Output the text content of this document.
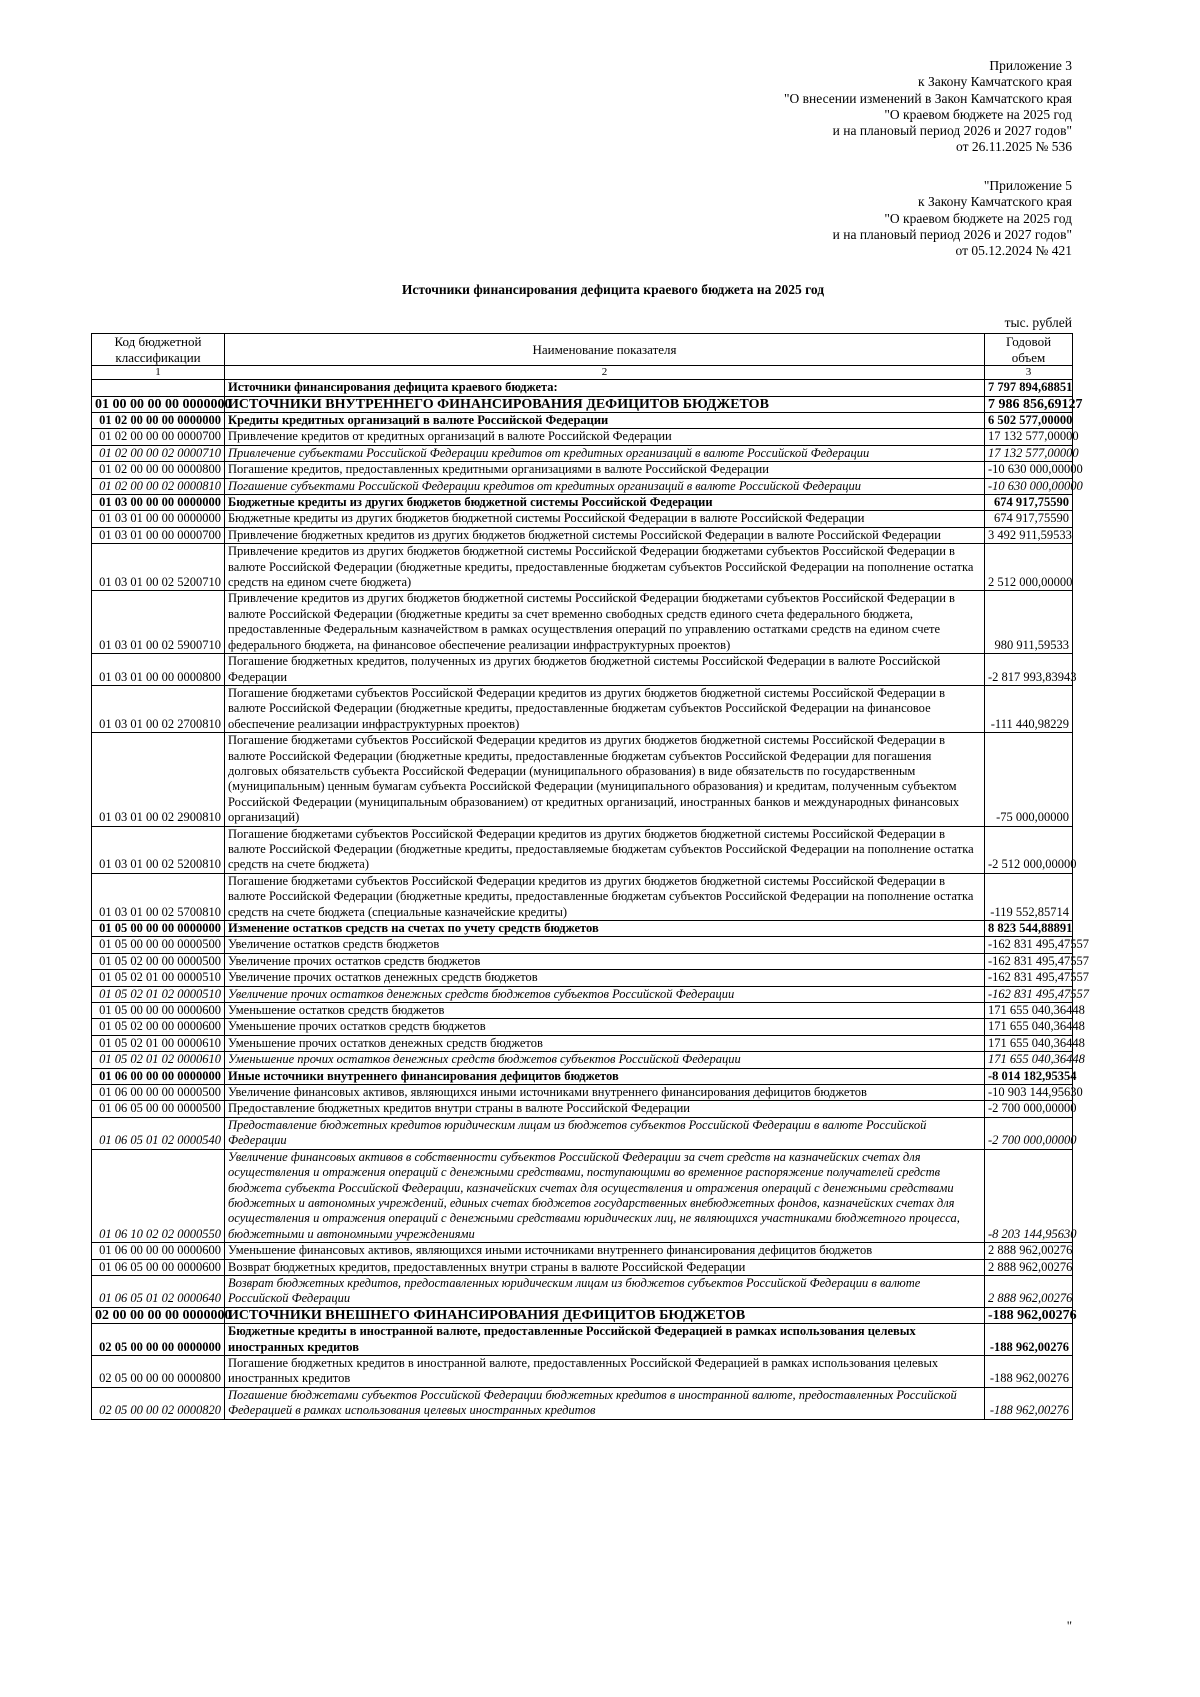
Приложение 3
к Закону Камчатского края
"О внесении изменений в Закон Камчатского края
"О краевом бюджете на 2025 год
и на плановый период 2026 и 2027 годов"
от 26.11.2025 № 536
"Приложение 5
к Закону Камчатского края
"О краевом бюджете на 2025 год
и на плановый период 2026 и 2027 годов"
от 05.12.2024 № 421
Источники финансирования дефицита краевого бюджета на 2025 год
тыс. рублей
Код бюджетной классификации	Наименование показателя	Годовой объем
1	2	3
	Источники финансирования дефицита краевого бюджета:	7 797 894,68851
01 00 00 00 00 0000000	ИСТОЧНИКИ ВНУТРЕННЕГО ФИНАНСИРОВАНИЯ ДЕФИЦИТОВ БЮДЖЕТОВ	7 986 856,69127
01 02 00 00 00 0000000	Кредиты кредитных организаций в валюте Российской Федерации	6 502 577,00000
01 02 00 00 00 0000700	Привлечение кредитов от кредитных организаций в валюте Российской Федерации	17 132 577,00000
01 02 00 00 02 0000710	Привлечение субъектами Российской Федерации кредитов от кредитных организаций в валюте Российской Федерации	17 132 577,00000
01 02 00 00 00 0000800	Погашение кредитов, предоставленных кредитными организациями в валюте Российской Федерации	-10 630 000,00000
01 02 00 00 02 0000810	Погашение субъектами Российской Федерации кредитов от кредитных организаций в валюте Российской Федерации	-10 630 000,00000
01 03 00 00 00 0000000	Бюджетные кредиты из других бюджетов бюджетной системы Российской Федерации	674 917,75590
01 03 01 00 00 0000000	Бюджетные кредиты из других бюджетов бюджетной системы Российской Федерации в валюте Российской Федерации	674 917,75590
01 03 01 00 00 0000700	Привлечение бюджетных кредитов из других бюджетов бюджетной системы Российской Федерации в валюте Российской Федерации	3 492 911,59533
01 03 01 00 02 5200710	Привлечение кредитов из других бюджетов бюджетной системы Российской Федерации бюджетами субъектов Российской Федерации в валюте Российской Федерации (бюджетные кредиты, предоставленные бюджетам субъектов Российской Федерации на пополнение остатка средств на едином счете бюджета)	2 512 000,00000
01 03 01 00 02 5900710	Привлечение кредитов из других бюджетов бюджетной системы Российской Федерации бюджетами субъектов Российской Федерации в валюте Российской Федерации (бюджетные кредиты за счет временно свободных средств единого счета федерального бюджета, предоставленные Федеральным казначейством в рамках осуществления операций по управлению остатками средств на едином счете федерального бюджета, на финансовое обеспечение реализации инфраструктурных проектов)	980 911,59533
01 03 01 00 00 0000800	Погашение бюджетных кредитов, полученных из других бюджетов бюджетной системы Российской Федерации в валюте Российской Федерации	-2 817 993,83943
01 03 01 00 02 2700810	Погашение бюджетами субъектов Российской Федерации кредитов из других бюджетов бюджетной системы Российской Федерации в валюте Российской Федерации (бюджетные кредиты, предоставленные бюджетам субъектов Российской Федерации на финансовое обеспечение реализации инфраструктурных проектов)	-111 440,98229
01 03 01 00 02 2900810	Погашение бюджетами субъектов Российской Федерации кредитов из других бюджетов бюджетной системы Российской Федерации в валюте Российской Федерации (бюджетные кредиты, предоставленные бюджетам субъектов Российской Федерации для погашения долговых обязательств субъекта Российской Федерации (муниципального образования) в виде обязательств по государственным (муниципальным) ценным бумагам субъекта Российской Федерации (муниципального образования) и кредитам, полученным субъектом Российской Федерации (муниципальным образованием) от кредитных организаций, иностранных банков и международных финансовых организаций)	-75 000,00000
01 03 01 00 02 5200810	Погашение бюджетами субъектов Российской Федерации кредитов из других бюджетов бюджетной системы Российской Федерации в валюте Российской Федерации (бюджетные кредиты, предоставляемые бюджетам субъектов Российской Федерации на пополнение остатка средств на счете бюджета)	-2 512 000,00000
01 03 01 00 02 5700810	Погашение бюджетами субъектов Российской Федерации кредитов из других бюджетов бюджетной системы Российской Федерации в валюте Российской Федерации (бюджетные кредиты, предоставленные бюджетам субъектов Российской Федерации на пополнение остатка средств на счете бюджета (специальные казначейские кредиты)	-119 552,85714
01 05 00 00 00 0000000	Изменение остатков средств на счетах по учету средств бюджетов	8 823 544,88891
01 05 00 00 00 0000500	Увеличение остатков средств бюджетов	-162 831 495,47557
01 05 02 00 00 0000500	Увеличение прочих остатков средств бюджетов	-162 831 495,47557
01 05 02 01 00 0000510	Увеличение прочих остатков денежных средств бюджетов	-162 831 495,47557
01 05 02 01 02 0000510	Увеличение прочих остатков денежных средств бюджетов субъектов Российской Федерации	-162 831 495,47557
01 05 00 00 00 0000600	Уменьшение остатков средств бюджетов	171 655 040,36448
01 05 02 00 00 0000600	Уменьшение прочих остатков средств бюджетов	171 655 040,36448
01 05 02 01 00 0000610	Уменьшение прочих остатков денежных средств бюджетов	171 655 040,36448
01 05 02 01 02 0000610	Уменьшение прочих остатков денежных средств бюджетов субъектов Российской Федерации	171 655 040,36448
01 06 00 00 00 0000000	Иные источники внутреннего финансирования дефицитов бюджетов	-8 014 182,95354
01 06 00 00 00 0000500	Увеличение финансовых активов, являющихся иными источниками внутреннего финансирования дефицитов бюджетов	-10 903 144,95630
01 06 05 00 00 0000500	Предоставление бюджетных кредитов внутри страны в валюте Российской Федерации	-2 700 000,00000
01 06 05 01 02 0000540	Предоставление бюджетных кредитов юридическим лицам из бюджетов субъектов Российской Федерации в валюте Российской Федерации	-2 700 000,00000
01 06 10 02 02 0000550	Увеличение финансовых активов в собственности субъектов Российской Федерации за счет средств на казначейских счетах для осуществления и отражения операций с денежными средствами, поступающими во временное распоряжение получателей средств бюджета субъекта Российской Федерации, казначейских счетах для осуществления и отражения операций с денежными средствами бюджетных и автономных учреждений, единых счетах бюджетов государственных внебюджетных фондов, казначейских счетах для осуществления и отражения операций с денежными средствами юридических лиц, не являющихся участниками бюджетного процесса, бюджетными и автономными учреждениями	-8 203 144,95630
01 06 00 00 00 0000600	Уменьшение финансовых активов, являющихся иными источниками внутреннего финансирования дефицитов бюджетов	2 888 962,00276
01 06 05 00 00 0000600	Возврат бюджетных кредитов, предоставленных внутри страны в валюте Российской Федерации	2 888 962,00276
01 06 05 01 02 0000640	Возврат бюджетных кредитов, предоставленных юридическим лицам из бюджетов субъектов Российской Федерации в валюте Российской Федерации	2 888 962,00276
02 00 00 00 00 0000000	ИСТОЧНИКИ ВНЕШНЕГО ФИНАНСИРОВАНИЯ ДЕФИЦИТОВ БЮДЖЕТОВ	-188 962,00276
02 05 00 00 00 0000000	Бюджетные кредиты в иностранной валюте, предоставленные Российской Федерацией в рамках использования целевых иностранных кредитов	-188 962,00276
02 05 00 00 00 0000800	Погашение бюджетных кредитов в иностранной валюте, предоставленных Российской Федерацией в рамках использования целевых иностранных кредитов	-188 962,00276
02 05 00 00 02 0000820	Погашение бюджетами субъектов Российской Федерации бюджетных кредитов в иностранной валюте, предоставленных Российской Федерацией в рамках использования целевых иностранных кредитов	-188 962,00276
"
